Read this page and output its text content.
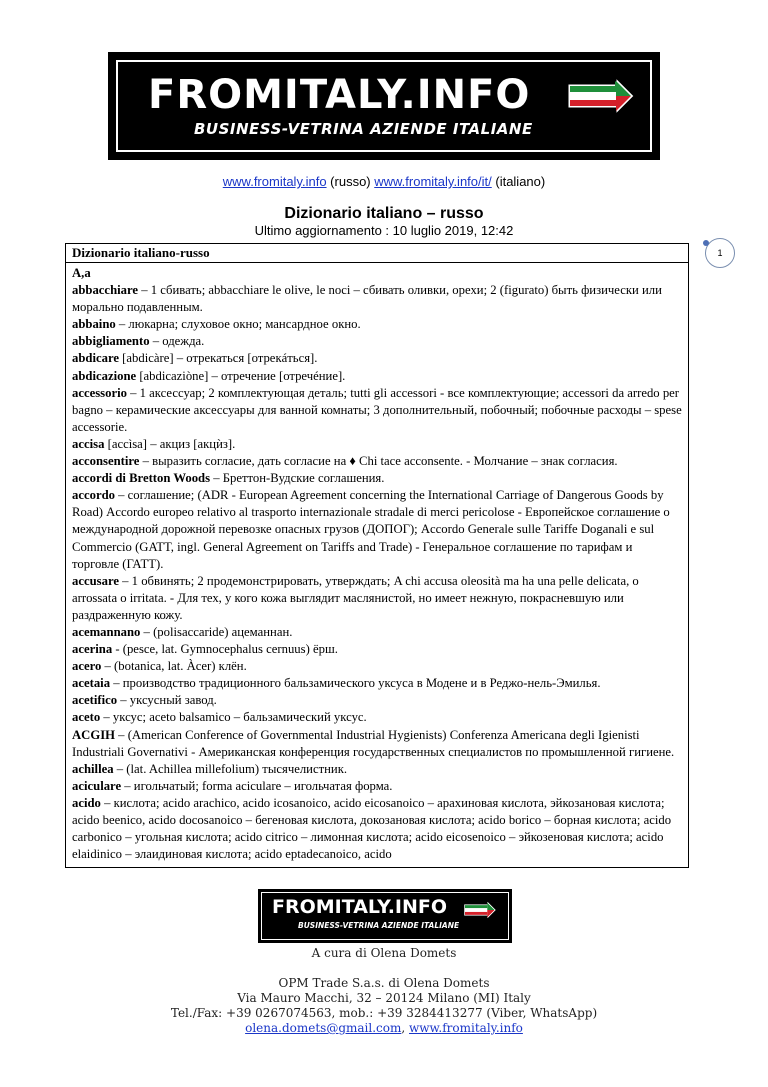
FROMITALY.INFO
BUSINESS-VETRINA AZIENDE ITALIANE
www.fromitaly.info (russo) www.fromitaly.info/it/ (italiano)
Dizionario italiano – russo
Ultimo aggiornamento : 10 luglio 2019, 12:42
1
Dizionario italiano-russo

A,a

abbacchiare – 1 сбивать; abbacchiare le olive, le noci – сбивать оливки, орехи; 2 (figurato) быть физически или морально подавленным.

abbaino – люкарна; слуховое окно; мансардное окно.

abbigliamento – одежда.

abdicare [abdicàre] – отрекаться [отрекáться].

abdicazione [abdicaziòne] – отречение [отречéние].

accessorio – 1 аксессуар; 2 комплектующая деталь; tutti gli accessori - все комплектующие; accessori da arredo per bagno – керамические аксессуары для ванной комнаты; 3 дополнительный, побочный; побочные расходы – spese accessorie.

accisa [accìsa] – акциз [акцѝз].

acconsentire – выразить согласие, дать согласие на ♦ Chi tace acconsente. - Молчание – знак согласия.

accordi di Bretton Woods – Бреттон-Вудские соглашения.

accordo – соглашение; (ADR - European Agreement concerning the International Carriage of Dangerous Goods by Road) Accordo europeo relativo al trasporto internazionale stradale di merci pericolose - Европейское соглашение о международной дорожной перевозке опасных грузов (ДОПОГ); Accordo Generale sulle Tariffe Doganali e sul Commercio (GATT, ingl. General Agreement on Tariffs and Trade) - Генеральное соглашение по тарифам и торговле (ГАТТ).

accusare – 1 обвинять; 2 продемонстрировать, утверждать; A chi accusa oleosità ma ha una pelle delicata, o arrossata o irritata. - Для тех, у кого кожа выглядит маслянистой, но имеет нежную, покрасневшую или раздраженную кожу.

acemannano – (polisaccaride) ацеманнан.

acerina - (pesce, lat. Gymnocephalus cernuus) ёрш.

acero – (botanica, lat. Àcer) клён.

acetaia – производство традиционного бальзамического уксуса в Модене и в Реджо-нель-Эмилья.

acetifico – уксусный завод.

aceto – уксус; aceto balsamico – бальзамический уксус.

ACGIH – (American Conference of Governmental Industrial Hygienists) Conferenza Americana degli Igienisti Industriali Governativi - Американская конференция государственных специалистов по промышленной гигиене.

achillea – (lat. Achillea millefolium) тысячелистник.

aciculare – игольчатый; forma aciculare – игольчатая форма.

acido – кислота; acido arachico, acido icosanoico, acido eicosanoico – арахиновая кислота, эйкозановая кислота; acido beenico, acido docosanoico – бегеновая кислота, докозановая кислота; acido borico – борная кислота; acido carbonico – угольная кислота; acido citrico – лимонная кислота; acido eicosenoico – эйкозеновая кислота; acido elaidinico – элаидиновая кислота; acido eptadecanoico, acido

FROMITALY.INFO
BUSINESS-VETRINA AZIENDE ITALIANE
A cura di Olena Domets
OPM Trade S.a.s. di Olena Domets
Via Mauro Macchi, 32 – 20124 Milano (MI) Italy
Tel./Fax: +39 0267074563, mob.: +39 3284413277 (Viber, WhatsApp)
olena.domets@gmail.com, www.fromitaly.info
